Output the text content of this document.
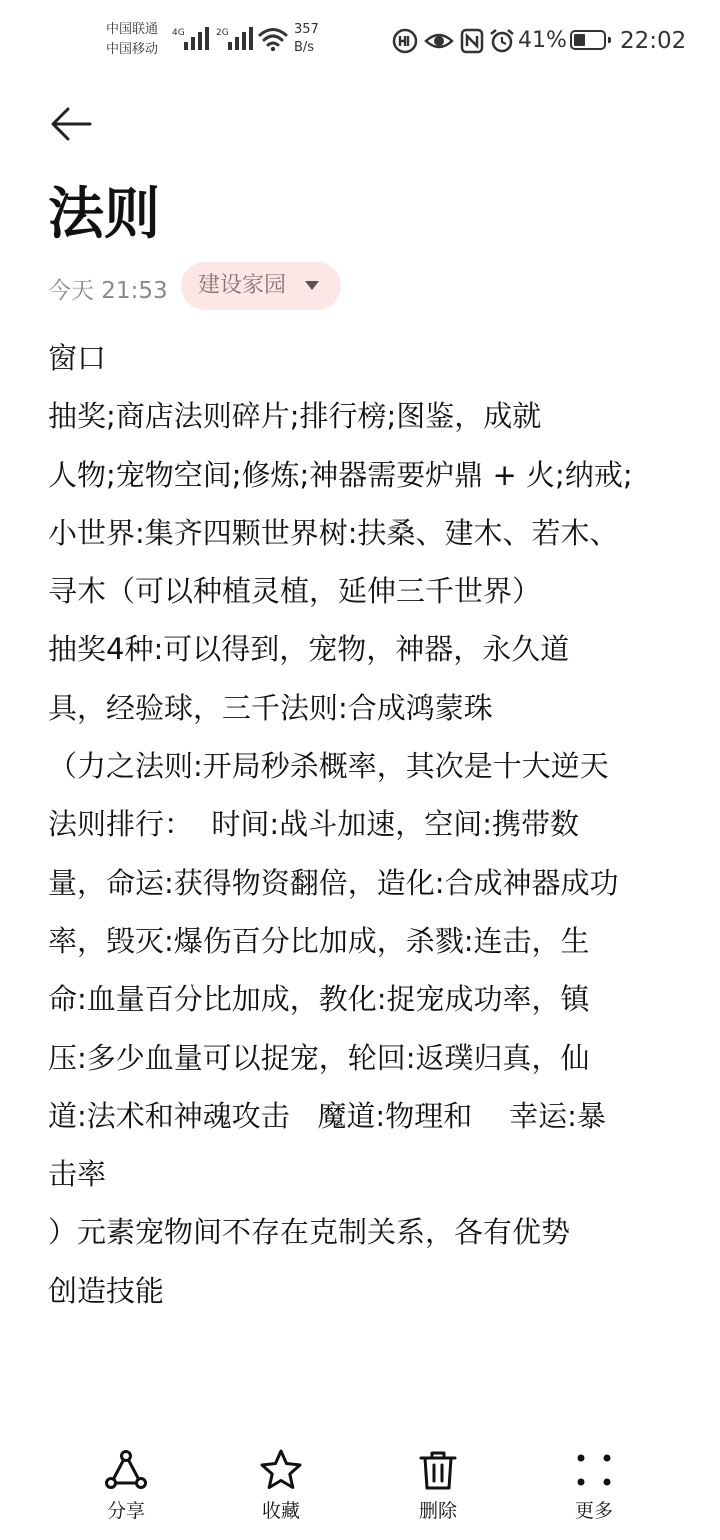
中国联通
中国移动
4G	2G	357
B/s	41% 22:02
法则
今天 21:53	建设家园
窗口
抽奖;商店法则碎片;排行榜;图鉴，成就
人物;宠物空间;修炼;神器需要炉鼎 + 火;纳戒;
小世界:集齐四颗世界树:扶桑、建木、若木、
寻木（可以种植灵植，延伸三千世界）
抽奖4种:可以得到，宠物，神器，永久道
具，经验球，三千法则:合成鸿蒙珠
（力之法则:开局秒杀概率，其次是十大逆天
法则排行：  时间:战斗加速，空间:携带数
量，命运:获得物资翻倍，造化:合成神器成功
率，毁灭:爆伤百分比加成，杀戮:连击，生
命:血量百分比加成，教化:捉宠成功率，镇
压:多少血量可以捉宠，轮回:返璞归真，仙
道:法术和神魂攻击   魔道:物理和    幸运:暴
击率
）元素宠物间不存在克制关系，各有优势
创造技能
分享	收藏	删除	更多
